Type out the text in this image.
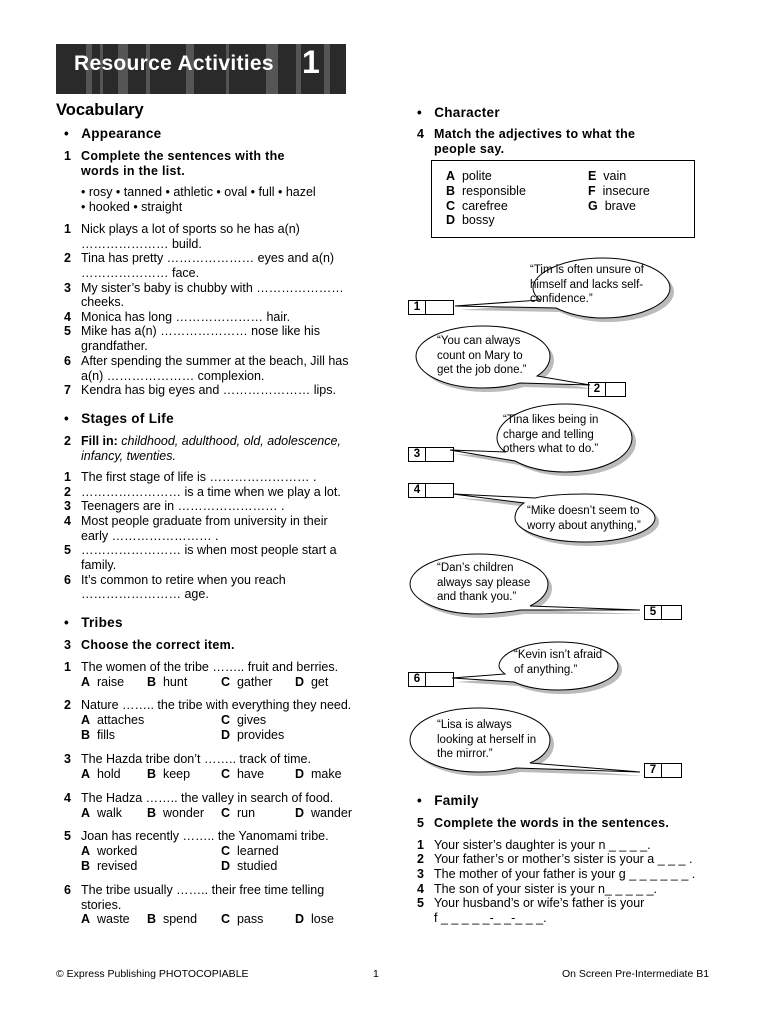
Resource Activities 1
Vocabulary
•   Appearance
1 Complete the sentences with the
words in the list.
• rosy • tanned • athletic • oval • full • hazel
• hooked • straight
1 Nick plays a lot of sports so he has a(n)
………………… build.
2 Tina has pretty ………………… eyes and a(n)
………………… face.
3 My sister’s baby is chubby with …………………
cheeks.
4 Monica has long ………………… hair.
5 Mike has a(n) ………………… nose like his
grandfather.
6 After spending the summer at the beach, Jill has
a(n) ………………… complexion.
7 Kendra has big eyes and ………………… lips.
•   Stages of Life
2 Fill in: childhood, adulthood, old, adolescence,
infancy, twenties.
1 The first stage of life is …………………… .
2 …………………… is a time when we play a lot.
3 Teenagers are in …………………… .
4 Most people graduate from university in their
early …………………… .
5 …………………… is when most people start a
family.
6 It’s common to retire when you reach
…………………… age.
•   Tribes
3 Choose the correct item.
1 The women of the tribe …….. fruit and berries.
A raise B hunt	C gather D get
2 Nature …….. the tribe with everything they need.
A attaches	C gives
B fills	D provides
3 The Hazda tribe don’t …….. track of time.
A hold B keep C have D make
4 The Hadza …….. the valley in search of food.
A walk B wonder C run	D wander
5 Joan has recently …….. the Yanomami tribe.
A worked	C learned
B revised	D studied
6 The tribe usually …….. their free time telling
stories.
A waste B spend C pass	D lose
•   Character
4 Match the adjectives to what the
people say.
A polite
B responsible
C carefree
D bossy
E vain
F insecure
G brave
“Tim is often unsure of
himself and lacks self-
confidence.”
“You can always
count on Mary to
get the job done.”
“Tina likes being in
charge and telling
others what to do.”
“Mike doesn’t seem to
worry about anything,”
“Dan’s children
always say please
and thank you.”
“Kevin isn’t afraid
of anything.”
“Lisa is always
looking at herself in
the mirror.”
1
2
3
4
5
6
7
•   Family
5 Complete the words in the sentences.
1 Your sister’s daughter is your n _ _ _ _.
2 Your father’s or mother’s sister is your a _ _ _ .
3 The mother of your father is your g _ _ _ _ _ _ .
4 The son of your sister is your n_ _ _ _ _.
5 Your husband’s or wife’s father is your
f _ _ _ _ _-_ _-_ _ _.
© Express Publishing PHOTOCOPIABLE	1	On Screen Pre-Intermediate B1
